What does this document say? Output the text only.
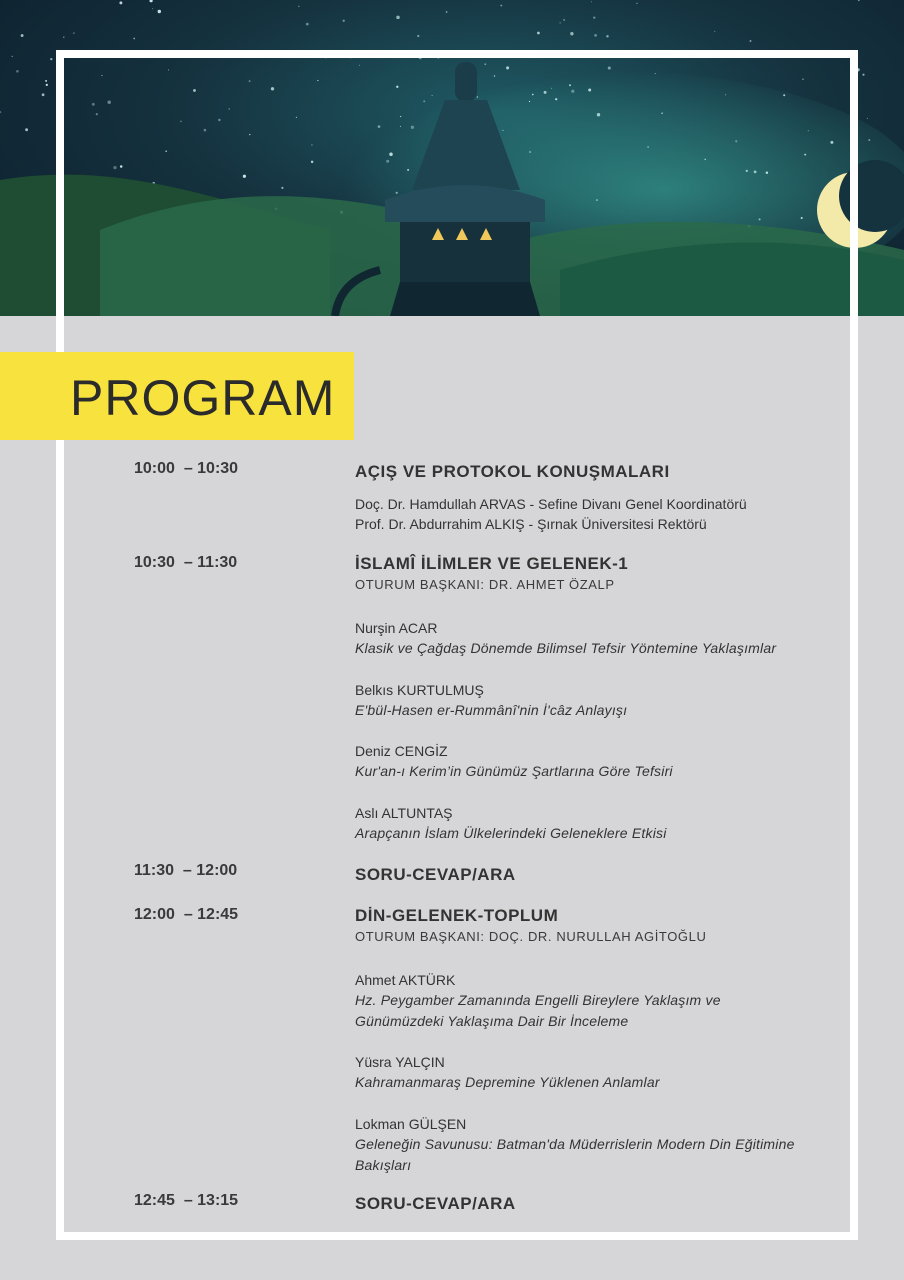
PROGRAM
10:00  – 10:30	AÇIŞ VE PROTOKOL KONUŞMALARI
Doç. Dr. Hamdullah ARVAS - Sefine Divanı Genel Koordinatörü
Prof. Dr. Abdurrahim ALKIŞ - Şırnak Üniversitesi Rektörü
10:30  – 11:30	İSLAMÎ İLİMLER VE GELENEK-1
OTURUM BAŞKANI: DR. AHMET ÖZALP
Nurşin ACAR
Klasik ve Çağdaş Dönemde Bilimsel Tefsir Yöntemine Yaklaşımlar
Belkıs KURTULMUŞ
E'bül-Hasen er-Rummânî'nin İ'câz Anlayışı
Deniz CENGİZ
Kur'an-ı Kerim’in Günümüz Şartlarına Göre Tefsiri
Aslı ALTUNTAŞ
Arapçanın İslam Ülkelerindeki Geleneklere Etkisi
11:30  – 12:00	SORU-CEVAP/ARA
12:00  – 12:45	DİN-GELENEK-TOPLUM
OTURUM BAŞKANI: DOÇ. DR. NURULLAH AGİTOĞLU
Ahmet AKTÜRK
Hz. Peygamber Zamanında Engelli Bireylere Yaklaşım ve
Günümüzdeki Yaklaşıma Dair Bir İnceleme
Yüsra YALÇIN
Kahramanmaraş Depremine Yüklenen Anlamlar
Lokman GÜLŞEN
Geleneğin Savunusu: Batman'da Müderrislerin Modern Din Eğitimine
Bakışları
12:45  – 13:15	SORU-CEVAP/ARA
